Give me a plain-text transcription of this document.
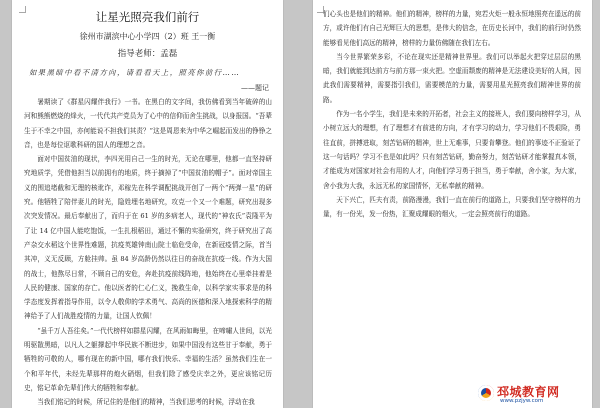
让星光照亮我们前行
徐州市湖滨中心小学四（2）班 王一衡
指导老师：孟磊
如果黑暗中看不清方向，请看看天上，照亮你前行……
——题记

暑期读了《群星闪耀伴我行》一书。在黑白的文字间，我仿佛看到当年破碎的山河和熊熊燃烧的烽火，一代代共产党员为了心中的信仰而舍生挑战，以身报国。“吾辈生于不幸之中国，亦何能说不担我们其责？”这是周恩来为中华之崛起而发出的铮铮之音，也是每位讴歌科研的国人的理想之音。

面对中国贫油的现状，李四光用自己一生的时光，无论在哪里，他都一直坚持研究地质学，凭借他担当以前拥有的地质，终于摘掉了“中国贫油的帽子”。面对帝国主义的围追堵截和无理的核讹诈，邓稼先在科学调配挑战开创了一两个“两弹一星”的研究。他牺牲了陪伴妻儿的时光，隐姓埋名地研究，攻克一个又一个难题，研究出现多次突发情况。最后奉献出了，而归于在 61 岁的多病老人，现代的“神农氏”袁隆平为了让 14 亿中国人能吃饱饭，一生扎根稻田，通过不懈的实验研究，终于研究出了高产杂交水稻这个世界性难题，抗疫英雄钟南山院士临危受命，在新冠疫情之际，首当其冲，义无反顾，方舱挂帅。虽 84 岁高龄仍然以往日的奋战在抗疫一线。作为大国的战士，他熬尽日常，不顾自己的安危，奔赴抗疫前线阵地，他始终在心里牵挂着是人民的健康、国家的存亡。他以医者的仁心仁义，挽救生命，以科学家实事求是的科学态度发挥着指导作用，以令人敬仰的学术勇气、高尚的医德和深入地探索科学的精神给予了人们战胜疫情的力量，让国人钦佩！

“虽千万人吾往矣。”一代代榜样如群星闪耀，在风雨如晦里，在啼嘯人世间，以光明驱散黑暗，以凡人之躯撑起中华民族不断进步，如果中国没有这些甘于奉献，勇于牺牲的可敬的人，哪有现在的新中国，哪有我们快乐、幸福的生活？虽然我们生在一个和平年代，未经先辈那样的炮火硝烟，但我们除了感受庆幸之外，更应该铭记历史，铭记革命先辈们伟大的牺牲和奉献。

当我们铭记的时候，所记住的是他们的精神，当我们思考的时候，浮动在我

们心头也是他们的精神。他们的精神，榜样的力量，宛若火炬一般永恒地照亮在遥远的前方，或许他们有自己光辉巨大的思想，是伟大的信念，在历史长河中，我们的前行时仍然能够看见他们高远的精神，榜样的力量仿佛随在我们左右。

当今世界繁荣多彩，不论在现实还是精神世界里。我们可以举起火把穿过层层的黑暗，我们就能到达前方与前方那一束火把。空虚而颓废的精神是无法建设美好的人间，因此我们需要精神，需要指引我们，需要模范的力量，需要用星光照亮我们精神世界的前路。

作为一名小学生，我们是未来的开拓者，社会主义的接班人，我们要向榜样学习，从小树立远大的理想，有了理想才有前进的方向，才有学习的动力，学习他们不畏艰险，勇往直前，拼搏进取，刻苦钻研的精神，世上无难事，只要肯攀登。他们的事迹不正验证了这一句话吗？学习不也是如此吗？只有刻苦钻研，勤奋努力，刻苦钻研才能掌握真本领，才能成为对国家对社会有用的人才，向他们学习勇于担当，勇于奉献，舍小家，为大家，舍小我为大我，永远无私的家国情怀，无私奉献的精神。

天下兴亡，匹夫有责，前路漫漫，我们一直在前行的道路上，只要我们坚守榜样的力量，有一份光，发一份热，汇聚成耀眼的烟火，一定会照亮前行的道路。

邳城教育网
www.pzjyw.com
